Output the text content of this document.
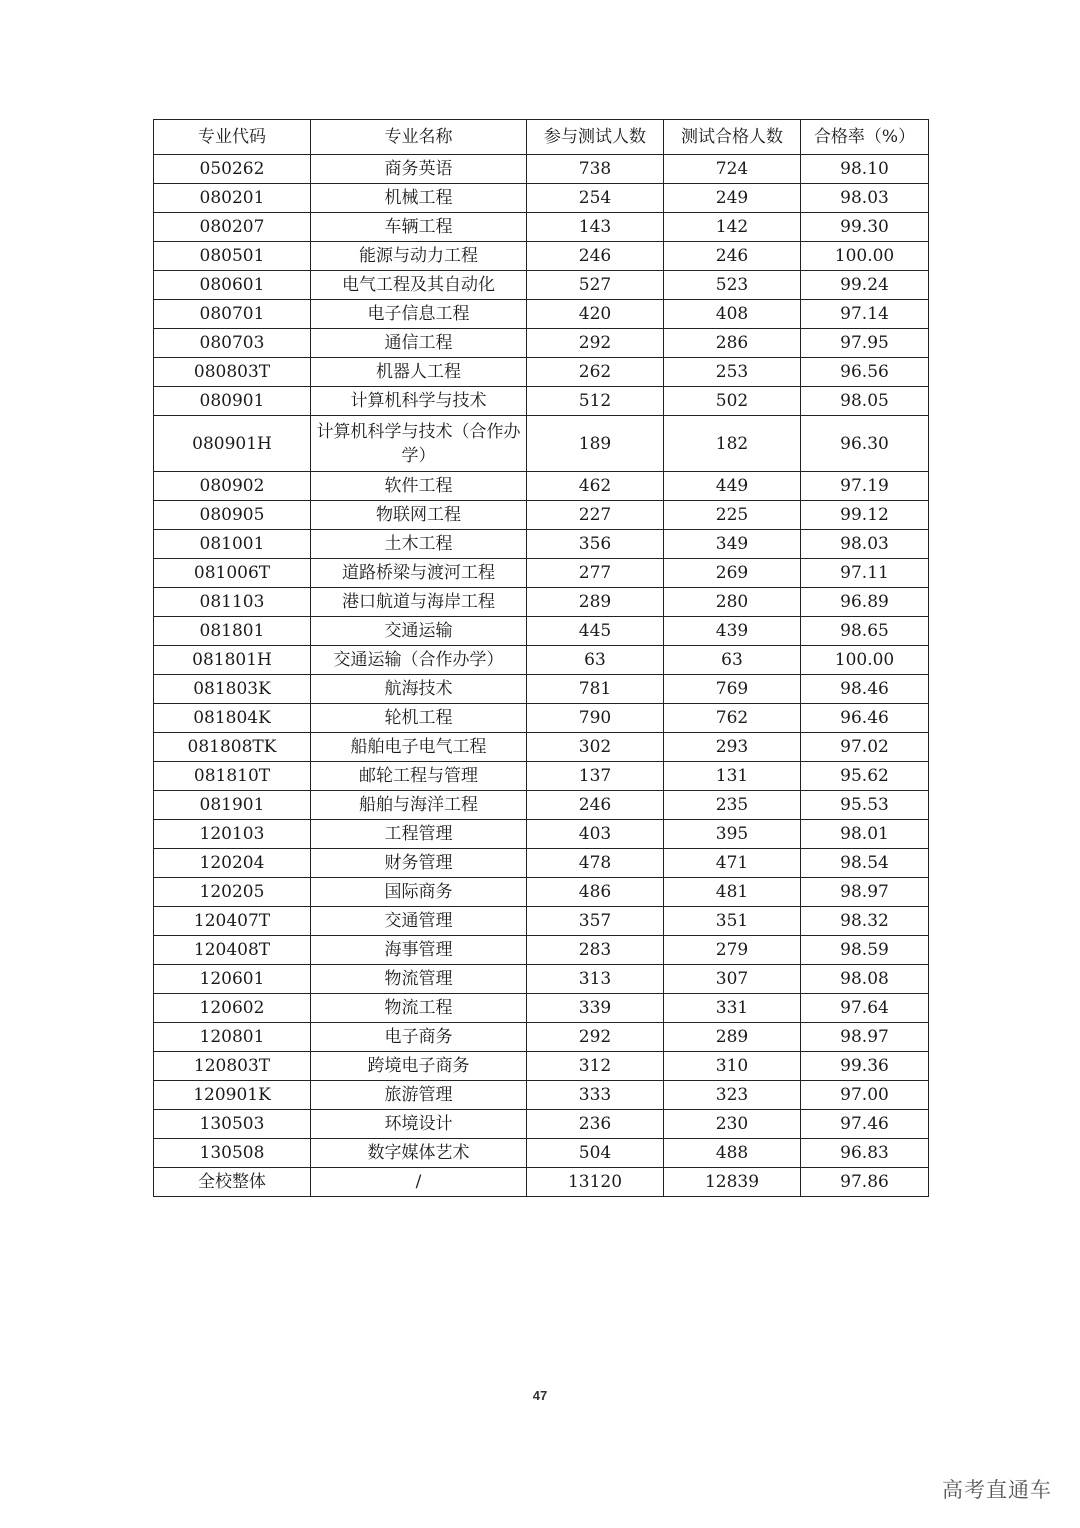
专业代码	专业名称	参与测试人数	测试合格人数	合格率（%）
050262	商务英语	738	724	98.10
080201	机械工程	254	249	98.03
080207	车辆工程	143	142	99.30
080501	能源与动力工程	246	246	100.00
080601	电气工程及其自动化	527	523	99.24
080701	电子信息工程	420	408	97.14
080703	通信工程	292	286	97.95
080803T	机器人工程	262	253	96.56
080901	计算机科学与技术	512	502	98.05
080901H	计算机科学与技术（合作办学）	189	182	96.30
080902	软件工程	462	449	97.19
080905	物联网工程	227	225	99.12
081001	土木工程	356	349	98.03
081006T	道路桥梁与渡河工程	277	269	97.11
081103	港口航道与海岸工程	289	280	96.89
081801	交通运输	445	439	98.65
081801H	交通运输（合作办学）	63	63	100.00
081803K	航海技术	781	769	98.46
081804K	轮机工程	790	762	96.46
081808TK	船舶电子电气工程	302	293	97.02
081810T	邮轮工程与管理	137	131	95.62
081901	船舶与海洋工程	246	235	95.53
120103	工程管理	403	395	98.01
120204	财务管理	478	471	98.54
120205	国际商务	486	481	98.97
120407T	交通管理	357	351	98.32
120408T	海事管理	283	279	98.59
120601	物流管理	313	307	98.08
120602	物流工程	339	331	97.64
120801	电子商务	292	289	98.97
120803T	跨境电子商务	312	310	99.36
120901K	旅游管理	333	323	97.00
130503	环境设计	236	230	97.46
130508	数字媒体艺术	504	488	96.83
全校整体	/	13120	12839	97.86
47
高考直通车
